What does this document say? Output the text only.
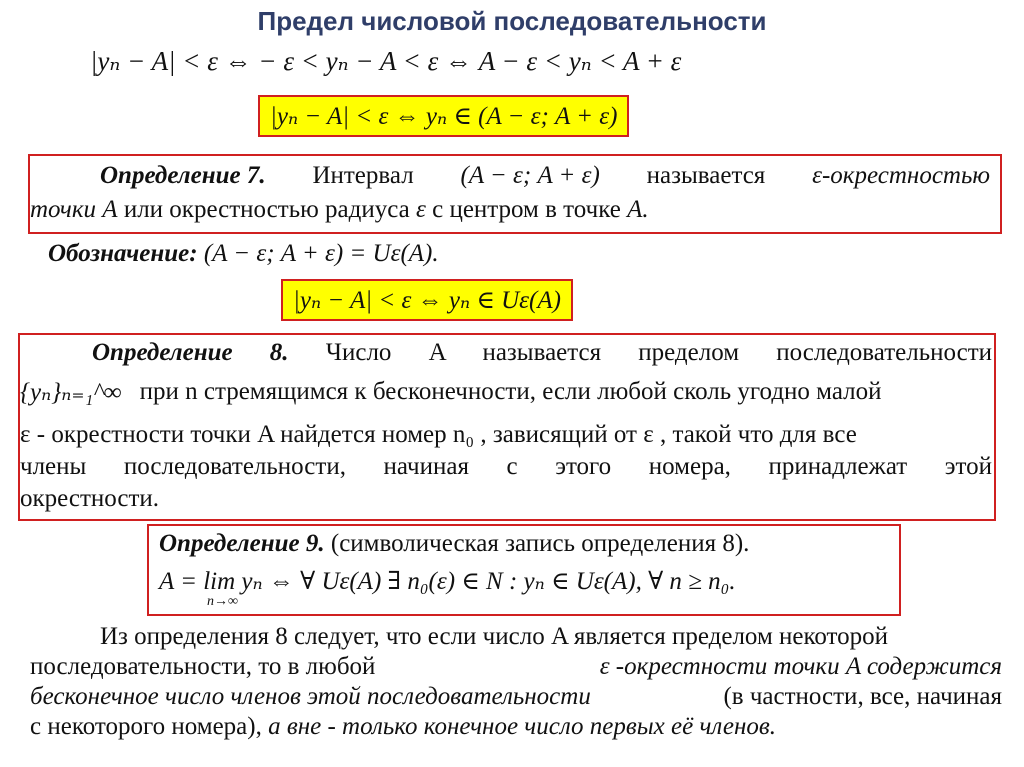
Предел числовой последовательности
|yₙ − A| < ε ⇔ − ε < yₙ − A < ε ⇔ A − ε < yₙ < A + ε
|yₙ − A| < ε ⇔ yₙ ∈ (A − ε; A + ε)
Определение 7. Интервал (A − ε; A + ε) называется ε-окрестностью
точки A или окрестностью радиуса ε с центром в точке A.
Обозначение: (A − ε; A + ε) = Uε(A).
|yₙ − A| < ε ⇔ yₙ ∈ Uε(A)
Определение 8. Число A называется пределом последовательности
{yₙ}ₙ₌₁^∞ при n стремящимся к бесконечности, если любой сколь угодно малой
ε - окрестности точки A найдется номер n₀ , зависящий от ε , такой что для все
члены последовательности, начиная с этого номера, принадлежат этой
окрестности.
Определение 9. (символическая запись определения 8).
A = lim yₙ ⇔ ∀ Uε(A) ∃ n₀(ε) ∈ N : yₙ ∈ Uε(A), ∀ n ≥ n₀.
n→∞
Из определения 8 следует, что если число A является пределом некоторой
последовательности, то в любой	ε -окрестности точки A содержится
бесконечное число членов этой последовательности	(в частности, все, начиная
с некоторого номера), а вне - только конечное число первых её членов.
